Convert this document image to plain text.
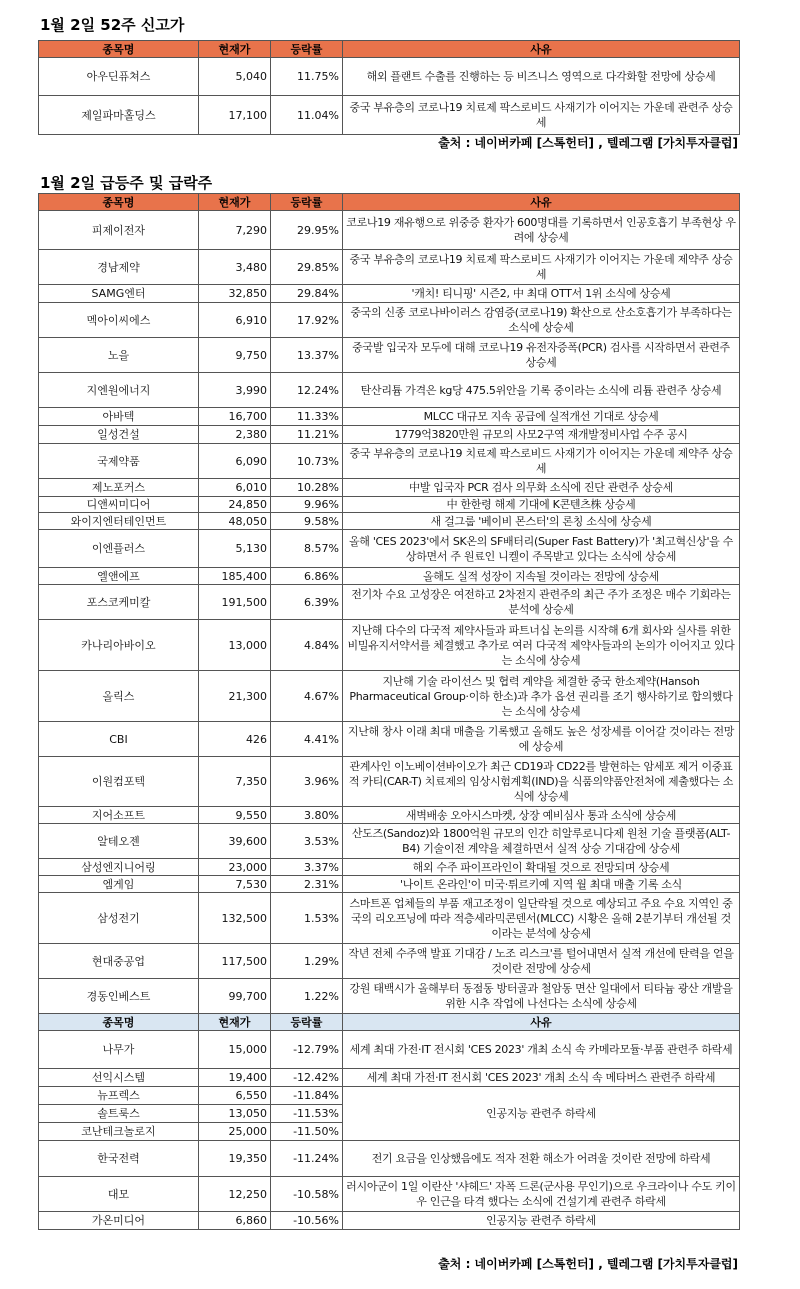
1월 2일 52주 신고가
종목명	현재가	등락률	사유
아우딘퓨쳐스	5,040	11.75%	해외 플랜트 수출를 진행하는 등 비즈니스 영역으로 다각화할 전망에 상승세
제일파마홀딩스	17,100	11.04%	중국 부유층의 코로나19 치료제 팍스로비드 사재기가 이어지는 가운데 관련주 상승세
출처 : 네이버카페 [스톡헌터] , 텔레그램 [가치투자클럽]
1월 2일 급등주 및 급락주
종목명	현재가	등락률	사유
피제이전자	7,290	29.95%	코로나19 재유행으로 위중증 환자가 600명대를 기록하면서 인공호흡기 부족현상 우려에 상승세
경남제약	3,480	29.85%	중국 부유층의 코로나19 치료제 팍스로비드 사재기가 이어지는 가운데 제약주 상승세
SAMG엔터	32,850	29.84%	'캐치! 티니핑' 시즌2, 中 최대 OTT서 1위 소식에 상승세
멕아이씨에스	6,910	17.92%	중국의 신종 코로나바이러스 감염증(코로나19) 확산으로 산소호흡기가 부족하다는 소식에 상승세
노을	9,750	13.37%	중국발 입국자 모두에 대해 코로나19 유전자증폭(PCR) 검사를 시작하면서 관련주 상승세
지엔원에너지	3,990	12.24%	탄산리튬 가격은 kg당 475.5위안을 기록 중이라는 소식에 리튬 관련주 상승세
아바텍	16,700	11.33%	MLCC 대규모 지속 공급에 실적개선 기대로 상승세
일성건설	2,380	11.21%	1779억3820만원 규모의 사모2구역 재개발정비사업 수주 공시
국제약품	6,090	10.73%	중국 부유층의 코로나19 치료제 팍스로비드 사재기가 이어지는 가운데 제약주 상승세
제노포커스	6,010	10.28%	中발 입국자 PCR 검사 의무화 소식에 진단 관련주 상승세
디앤씨미디어	24,850	9.96%	中 한한령 해제 기대에 K콘텐츠株 상승세
와이지엔터테인먼트	48,050	9.58%	새 걸그룹 '베이비 몬스터'의 론칭 소식에 상승세
이엔플러스	5,130	8.57%	올해 'CES 2023'에서 SK온의 SF배터리(Super Fast Battery)가 '최고혁신상'을 수상하면서 주 원료인 니켈이 주목받고 있다는 소식에 상승세
엘앤에프	185,400	6.86%	올해도 실적 성장이 지속될 것이라는 전망에 상승세
포스코케미칼	191,500	6.39%	전기차 수요 고성장은 여전하고 2차전지 관련주의 최근 주가 조정은 매수 기회라는 분석에 상승세
카나리아바이오	13,000	4.84%	지난해 다수의 다국적 제약사들과 파트너십 논의를 시작해 6개 회사와 실사를 위한 비밀유지서약서를 체결했고 추가로 여러 다국적 제약사들과의 논의가 이어지고 있다는 소식에 상승세
올릭스	21,300	4.67%	지난해 기술 라이선스 및 협력 계약을 체결한 중국 한소제약(Hansoh Pharmaceutical Group·이하 한소)과 추가 옵션 권리를 조기 행사하기로 합의했다는 소식에 상승세
CBI	426	4.41%	지난해 창사 이래 최대 매출을 기록했고 올해도 높은 성장세를 이어갈 것이라는 전망에 상승세
이원컴포텍	7,350	3.96%	관계사인 이노베이션바이오가 최근 CD19과 CD22를 발현하는 암세포 제거 이중표적 카티(CAR-T) 치료제의 임상시험계획(IND)을 식품의약품안전처에 제출했다는 소식에 상승세
지어소프트	9,550	3.80%	새벽배송 오아시스마켓, 상장 예비심사 통과 소식에 상승세
알테오젠	39,600	3.53%	산도즈(Sandoz)와 1800억원 규모의 인간 히알루로니다제 원천 기술 플랫폼(ALT-B4) 기술이전 계약을 체결하면서 실적 상승 기대감에 상승세
삼성엔지니어링	23,000	3.37%	해외 수주 파이프라인이 확대될 것으로 전망되며 상승세
엠게임	7,530	2.31%	'나이트 온라인'이 미국·튀르키예 지역 월 최대 매출 기록 소식
삼성전기	132,500	1.53%	스마트폰 업체들의 부품 재고조정이 일단락될 것으로 예상되고 주요 수요 지역인 중국의 리오프닝에 따라 적층세라믹콘덴서(MLCC) 시황은 올해 2분기부터 개선될 것이라는 분석에 상승세
현대중공업	117,500	1.29%	작년 전체 수주액 발표 기대감 / 노조 리스크'를 털어내면서 실적 개선에 탄력을 얻을 것이란 전망에 상승세
경동인베스트	99,700	1.22%	강원 태백시가 올해부터 동점동 방터골과 철암동 면산 일대에서 티타늄 광산 개발을 위한 시추 작업에 나선다는 소식에 상승세
종목명	현재가	등락률	사유
나무가	15,000	-12.79%	세계 최대 가전·IT 전시회 'CES 2023' 개최 소식 속 카메라모듈·부품 관련주 하락세
선익시스템	19,400	-12.42%	세계 최대 가전·IT 전시회 'CES 2023' 개최 소식 속 메타버스 관련주 하락세
뉴프렉스	6,550	-11.84%	인공지능 관련주 하락세
솔트룩스	13,050	-11.53%	
코난테크놀로지	25,000	-11.50%	
한국전력	19,350	-11.24%	전기 요금을 인상했음에도 적자 전환 해소가 어려울 것이란 전망에 하락세
대모	12,250	-10.58%	러시아군이 1일 이란산 '샤헤드' 자폭 드론(군사용 무인기)으로 우크라이나 수도 키이우 인근을 타격 했다는 소식에 건설기계 관련주 하락세
가온미디어	6,860	-10.56%	인공지능 관련주 하락세
출처 : 네이버카페 [스톡헌터] , 텔레그램 [가치투자클럽]
